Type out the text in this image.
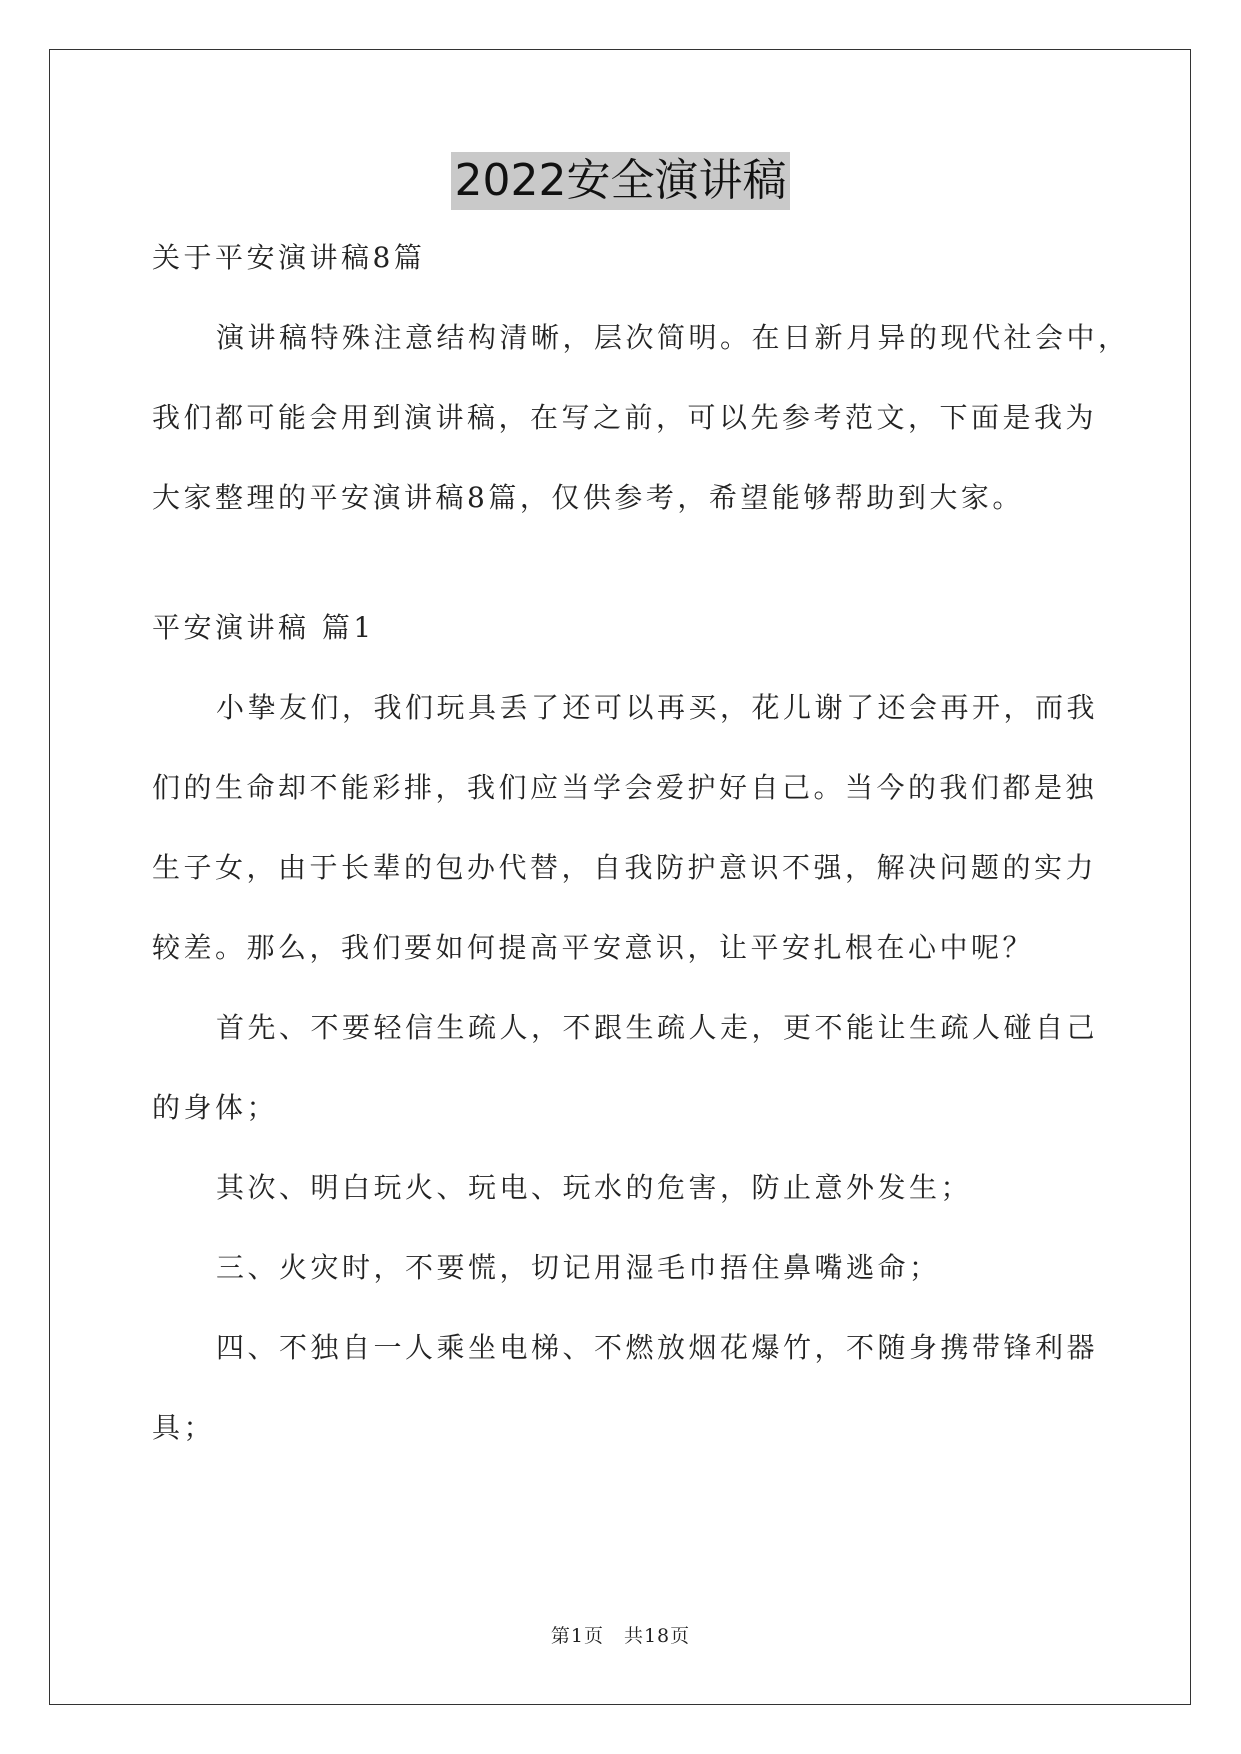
2022安全演讲稿
关于平安演讲稿8篇
演讲稿特殊注意结构清晰，层次简明。在日新月异的现代社会中，
我们都可能会用到演讲稿，在写之前，可以先参考范文，下面是我为
大家整理的平安演讲稿8篇，仅供参考，希望能够帮助到大家。
平安演讲稿 篇1
小挚友们，我们玩具丢了还可以再买，花儿谢了还会再开，而我
们的生命却不能彩排，我们应当学会爱护好自己。当今的我们都是独
生子女，由于长辈的包办代替，自我防护意识不强，解决问题的实力
较差。那么，我们要如何提高平安意识，让平安扎根在心中呢？
首先、不要轻信生疏人，不跟生疏人走，更不能让生疏人碰自己
的身体；
其次、明白玩火、玩电、玩水的危害，防止意外发生；
三、火灾时，不要慌，切记用湿毛巾捂住鼻嘴逃命；
四、不独自一人乘坐电梯、不燃放烟花爆竹，不随身携带锋利器
具；
第1页　共18页
